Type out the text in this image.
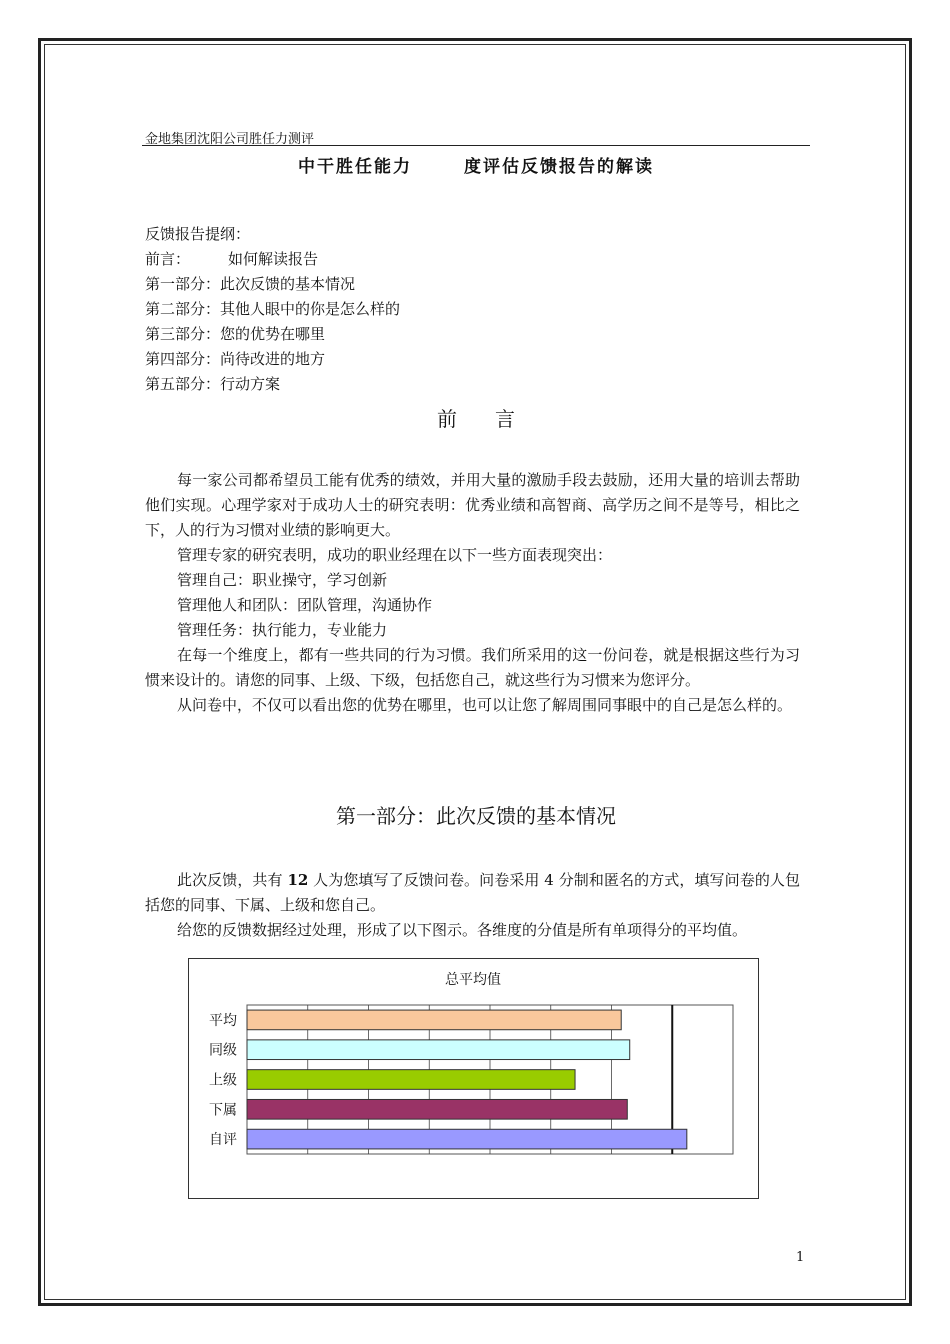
金地集团沈阳公司胜任力测评
中干胜任能力	度评估反馈报告的解读
反馈报告提纲：
前言：	如何解读报告
第一部分： 此次反馈的基本情况
第二部分： 其他人眼中的你是怎么样的
第三部分： 您的优势在哪里
第四部分： 尚待改进的地方
第五部分： 行动方案
前 言

每一家公司都希望员工能有优秀的绩效，并用大量的激励手段去鼓励，还用大量的培训去帮助他们实现。心理学家对于成功人士的研究表明：优秀业绩和高智商、高学历之间不是等号，相比之下，人的行为习惯对业绩的影响更大。

管理专家的研究表明，成功的职业经理在以下一些方面表现突出：

管理自己：职业操守，学习创新

管理他人和团队：团队管理，沟通协作

管理任务：执行能力，专业能力

在每一个维度上，都有一些共同的行为习惯。我们所采用的这一份问卷，就是根据这些行为习惯来设计的。请您的同事、上级、下级，包括您自己，就这些行为习惯来为您评分。

从问卷中，不仅可以看出您的优势在哪里，也可以让您了解周围同事眼中的自己是怎么样的。

第一部分：此次反馈的基本情况

此次反馈，共有 12 人为您填写了反馈问卷。问卷采用 4 分制和匿名的方式，填写问卷的人包括您的同事、下属、上级和您自己。

给您的反馈数据经过处理，形成了以下图示。各维度的分值是所有单项得分的平均值。

总平均值
平均
同级
上级
下属
自评
1
